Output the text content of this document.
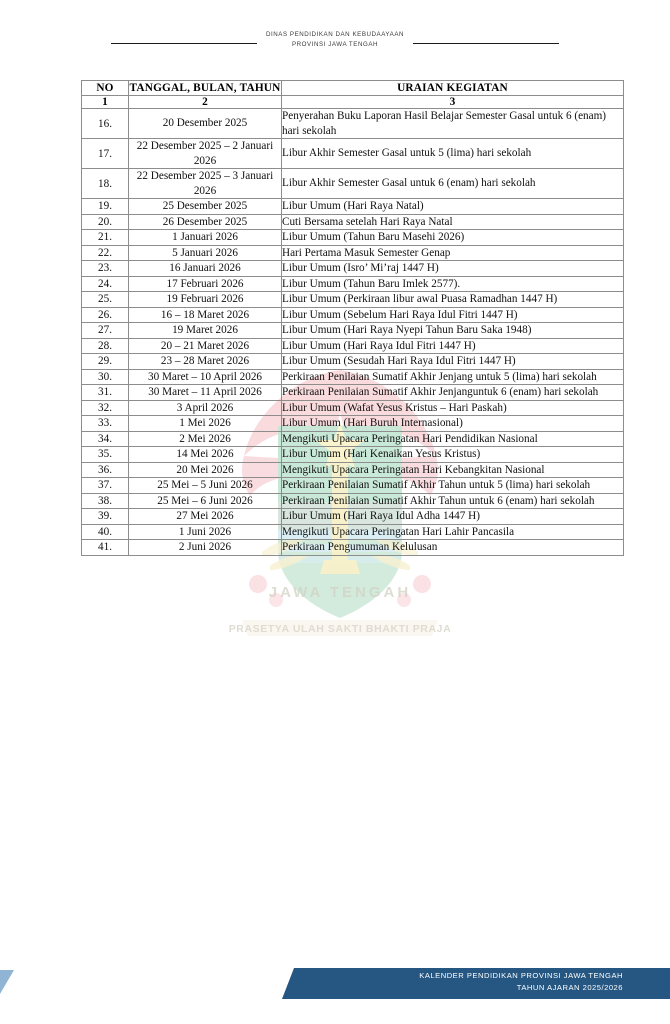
DINAS PENDIDIKAN DAN KEBUDAAYAAN
PROVINSI JAWA TENGAH
JAWA TENGAH
PRASETYA ULAH SAKTI BHAKTI PRAJA
NO	TANGGAL, BULAN, TAHUN	URAIAN KEGIATAN
1	2	3
16.	20 Desember 2025	Penyerahan Buku Laporan Hasil Belajar Semester Gasal untuk 6 (enam) hari sekolah
17.	22 Desember 2025 – 2 Januari 2026	Libur Akhir Semester Gasal untuk 5 (lima) hari sekolah
18.	22 Desember 2025 – 3 Januari 2026	Libur Akhir Semester Gasal untuk 6 (enam) hari sekolah
19.	25 Desember 2025	Libur Umum (Hari Raya Natal)
20.	26 Desember 2025	Cuti Bersama setelah Hari Raya Natal
21.	1 Januari 2026	Libur Umum (Tahun Baru Masehi 2026)
22.	5 Januari 2026	Hari Pertama Masuk Semester Genap
23.	16 Januari 2026	Libur Umum (Isro’ Mi’raj 1447 H)
24.	17 Februari 2026	Libur Umum (Tahun Baru Imlek 2577).
25.	19 Februari 2026	Libur Umum (Perkiraan libur awal Puasa Ramadhan 1447 H)
26.	16 – 18 Maret 2026	Libur Umum (Sebelum Hari Raya Idul Fitri 1447 H)
27.	19 Maret 2026	Libur Umum (Hari Raya Nyepi Tahun Baru Saka 1948)
28.	20 – 21 Maret 2026	Libur Umum (Hari Raya Idul Fitri 1447 H)
29.	23 – 28 Maret 2026	Libur Umum (Sesudah Hari Raya Idul Fitri 1447 H)
30.	30 Maret – 10 April 2026	Perkiraan Penilaian Sumatif Akhir Jenjang untuk 5 (lima) hari sekolah
31.	30 Maret – 11 April 2026	Perkiraan Penilaian Sumatif Akhir Jenjanguntuk 6 (enam) hari sekolah
32.	3 April 2026	Libur Umum (Wafat Yesus Kristus – Hari Paskah)
33.	1 Mei 2026	Libur Umum (Hari Buruh Internasional)
34.	2 Mei 2026	Mengikuti Upacara Peringatan Hari Pendidikan Nasional
35.	14 Mei 2026	Libur Umum (Hari Kenaikan Yesus Kristus)
36.	20 Mei 2026	Mengikuti Upacara Peringatan Hari Kebangkitan Nasional
37.	25 Mei – 5 Juni 2026	Perkiraan Penilaian Sumatif Akhir Tahun untuk 5 (lima) hari sekolah
38.	25 Mei – 6 Juni 2026	Perkiraan Penilaian Sumatif Akhir Tahun untuk 6 (enam) hari sekolah
39.	27 Mei 2026	Libur Umum (Hari Raya Idul Adha 1447 H)
40.	1 Juni 2026	Mengikuti Upacara Peringatan Hari Lahir Pancasila
41.	2 Juni 2026	Perkiraan Pengumuman Kelulusan
KALENDER PENDIDIKAN PROVINSI JAWA TENGAH
TAHUN AJARAN 2025/2026
